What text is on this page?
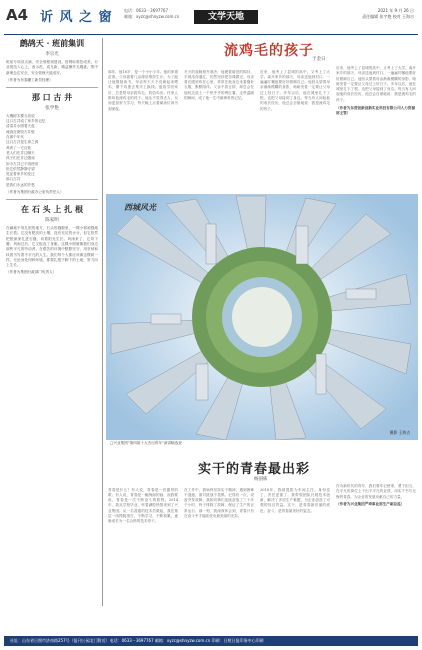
A4 䜣 风 之 窗	电话：0633－3697767
邮箱：xyzc@shnyzw.com.cn	文学天地
2021 年 9 月 26 日
责任编辑 张宇艳 校对 王海吉
鹧鸪天 · 班前集训
李宗光

班前专项讲点滴，安全规程到建设。管网标准控成美，行业规范入心上，表示范，成凡新，精益操作无瑕疵。集中新理念注安全，安全管理天能成安。

（作者为东泰罐工新员经理）
那 口 古 井
张学艳

大槐树木棵当初说
这口古井成了家乡的记忆
清清井水照着天蓝
流淌在斑驳古井壁
在那个年代
这口古井是生命之源
养育了一方百姓
老人们在井边聊天
孩子们在井边嬉戏
如今古井已不再使用
但它依然静静守望
见证着家乡的变迁
那口古井
是我们永远的乡愁

（作者为集团行政办公室负责任人）
在 石 头 上 扎 根
陈家明

在碱地不易扎根的地方，石头的缝隙里，一棵小树顽强地生长着。它没有肥沃的土壤，没有充足的水分，但它依然把根深深扎进石缝，向着阳光生长。风雨来了，它弯下腰；风雨过后，它又挺直了身躯。这棵小树就像我们身边那些平凡的劳动者，在艰苦的环境中默默坚守，用坚韧和执着书写着不平凡的人生。我们每个人都应该像这棵树一样，无论身处何种环境，都要扎根于脚下的土地，努力向上生长。

（作者为集团行政部门负责人）
流鸡毛的孩子
于金日

那年，他16岁，是一个小小少年。他的家境贫寒，父母靠着几亩薄田维持生计。为了能让他继续读书，母亲每天天不亮就起来喂鸡，攒下鸡蛋去集市上换钱。他放学回家后，总是帮母亲拔鸡毛、收拾鸡舍。村里人都叫他流鸡毛的孩子。他从不觉得丢人，反而更加努力学习，每天晚上点着煤油灯读书到深夜。

冬天的夜晚格外寒冷，他裹着破旧的棉袄，手被冻得通红，仍然坚持把功课做完。母亲看在眼里疼在心里，常常在他身边坐着缝补衣服，默默陪伴。父亲不善言辞，却总会在他枕边放上一个热乎乎的烤红薯。这些温暖的瞬间，成了他一生中最珍贵的记忆。

后来，他考上了县城的高中，又考上了大学。离开家乡的那天，母亲送他到村口，一遍遍叮嘱他要好好照顾自己。他回头望着母亲渐渐模糊的身影，暗暗发誓一定要让父母过上好日子。多年以后，他在城里扎下了根，也把父母接到了身边。每当有人问起他的成长经历，他总会自豪地说：我是流鸡毛的孩子。

后来，他考上了县城的高中，又考上了大学。离开家乡的那天，母亲送他到村口，一遍遍叮嘱他要好好照顾自己。他回头望着母亲渐渐模糊的身影，暗暗发誓一定要让父母过上好日子。多年以后，他在城里扎下了根，也把父母接到了身边。每当有人问起他的成长经历，他总会自豪地说：我是流鸡毛的孩子。

（作者为东营创新创新实业科技有限公司人力资源部主管）
西城风光
摄影 王海吉
□兴业集团“第四届十大杰出青年”演讲稿选登
实干的青春最出彩
杨国栋

青春是什么？有人说，青春是一首激昂的歌；有人说，青春是一幅绚丽的画。而我要说，青春是一次不断奋斗的旅程。2014年，我从学校毕业，怀着满腔热情来到了兴业集团。从一名普通的技术员做起，我在基层一线摸爬滚打，不断学习，不断积累，逐渐成长为一名合格的技术骨干。

在工作中，我始终坚持实干精神，遇到困难不退缩，面对挑战不畏惧。记得有一次，设备突发故障，我和同事们连续奋战了三十多个小时，终于排除了故障，保证了生产的正常运行。那一刻，我深深体会到，青春只有在奋斗中才能绽放出最美丽的光彩。

2018年，我被提拔为车间主任。身份变了，责任更重了。我带领团队开展技术创新，解决了多项生产难题，为企业创造了可观的经济效益。实干，是青春最亮丽的底色；奋斗，是青春最美好的姿态。

作为新时代的青年，我们要牢记使命，勇于担当，在平凡的岗位上干出不平凡的业绩，用实干书写无悔的青春，为企业的发展贡献自己的力量。

（作者为兴业集团严琦事业部生产副总监）
社址：山东省日照市济南路257号（报刊公园北门附近）电话：0633－3697767 邮箱：xyzc@shnyzw.com.cn 印刷：日照日报印务中心印刷
